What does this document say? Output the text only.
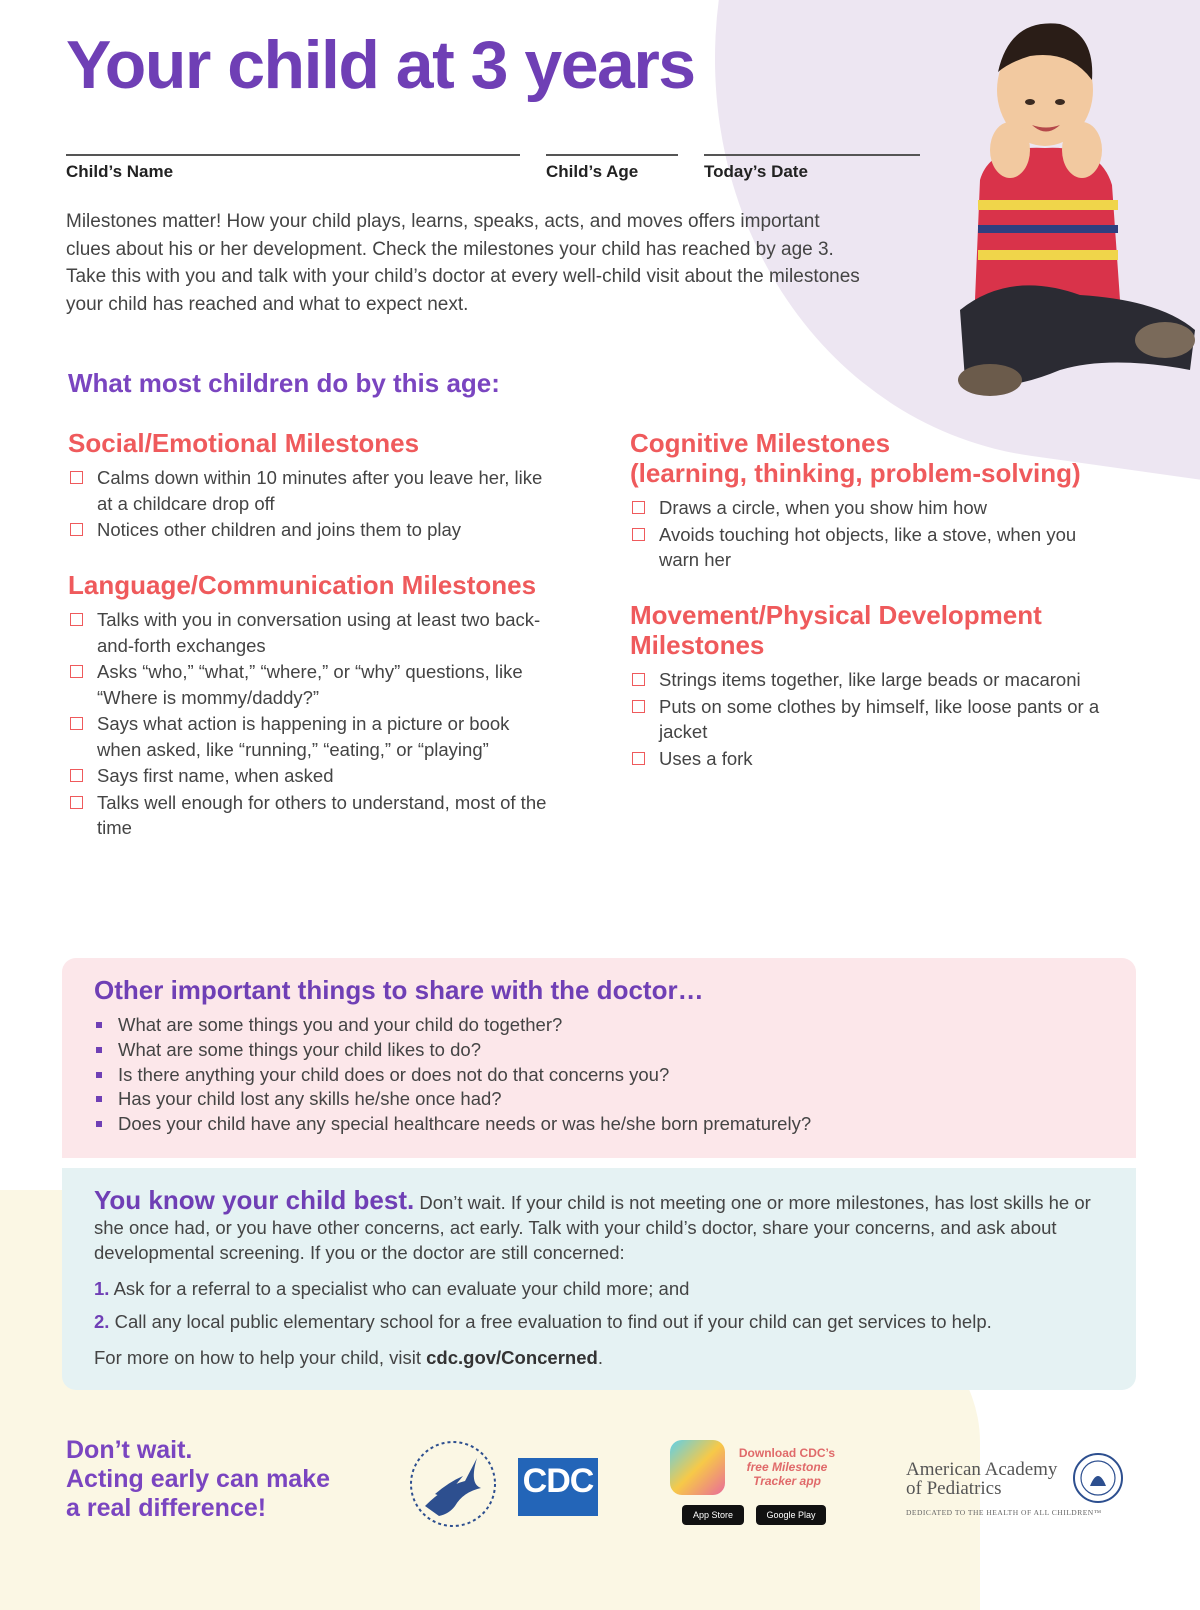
Your child at 3 years
Child’s Name	Child’s Age	Today’s Date
Milestones matter! How your child plays, learns, speaks, acts, and moves offers important clues about his or her development. Check the milestones your child has reached by age 3. Take this with you and talk with your child’s doctor at every well-child visit about the milestones your child has reached and what to expect next.
What most children do by this age:
Social/Emotional Milestones
Calms down within 10 minutes after you leave her, like at a childcare drop off
Notices other children and joins them to play
Language/Communication Milestones
Talks with you in conversation using at least two back-and-forth exchanges
Asks “who,” “what,” “where,” or “why” questions, like “Where is mommy/daddy?”
Says what action is happening in a picture or book when asked, like “running,” “eating,” or “playing”
Says first name, when asked
Talks well enough for others to understand, most of the time
Cognitive Milestones
(learning, thinking, problem-solving)
Draws a circle, when you show him how
Avoids touching hot objects, like a stove, when you warn her
Movement/Physical Development
Milestones
Strings items together, like large beads or macaroni
Puts on some clothes by himself, like loose pants or a jacket
Uses a fork
Other important things to share with the doctor…
What are some things you and your child do together?
What are some things your child likes to do?
Is there anything your child does or does not do that concerns you?
Has your child lost any skills he/she once had?
Does your child have any special healthcare needs or was he/she born prematurely?
You know your child best. Don’t wait. If your child is not meeting one or more milestones, has lost skills he or she once had, or you have other concerns, act early. Talk with your child’s doctor, share your concerns, and ask about developmental screening. If you or the doctor are still concerned:
1. Ask for a referral to a specialist who can evaluate your child more; and
2. Call any local public elementary school for a free evaluation to find out if your child can get services to help.
For more on how to help your child, visit cdc.gov/Concerned.
Don’t wait.
Acting early can make
a real difference!
CDC
Download CDC’s
free Milestone
Tracker app
App Store	Google Play
American Academy
of Pediatrics
DEDICATED TO THE HEALTH OF ALL CHILDREN™
